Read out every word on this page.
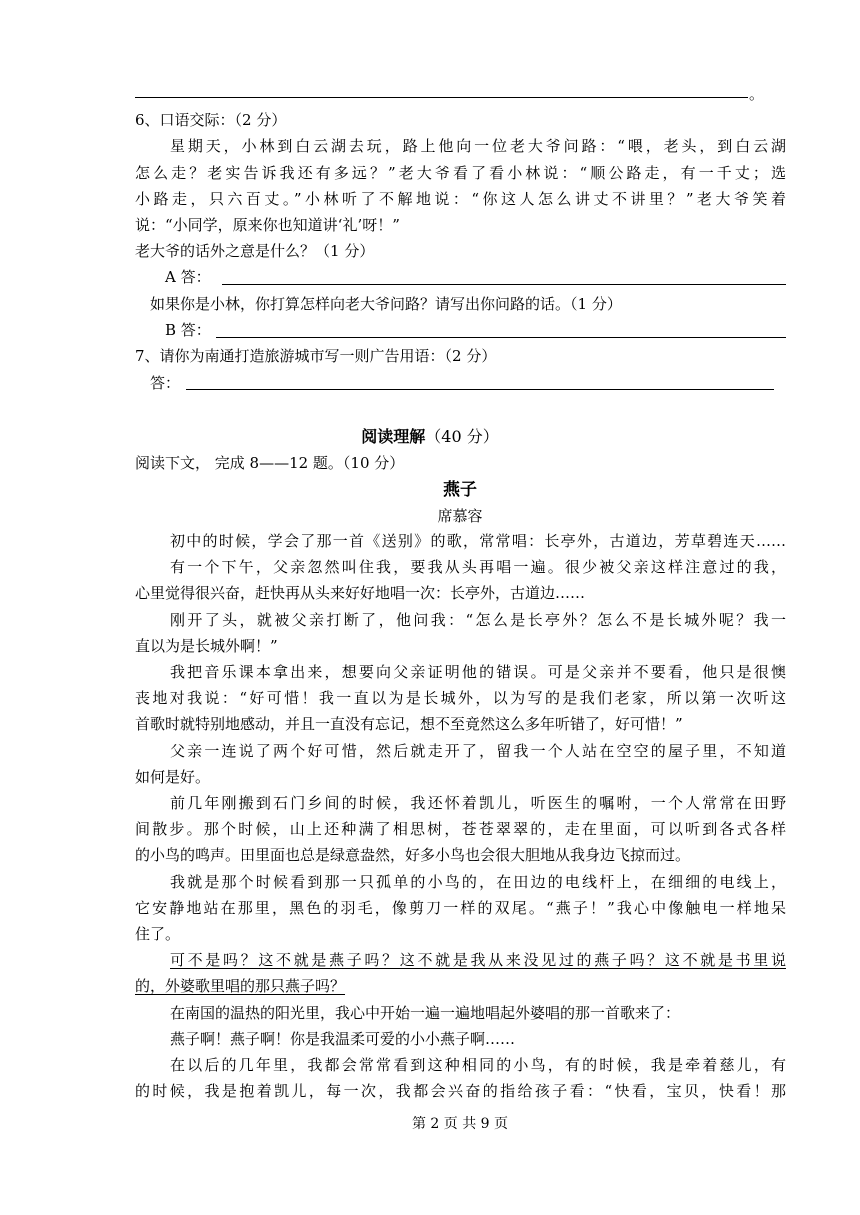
。
6、口语交际：（2 分）
星期天，小林到白云湖去玩，路上他向一位老大爷问路：“喂，老头，到白云湖
怎么走？老实告诉我还有多远？”老大爷看了看小林说：“顺公路走，有一千丈；选
小路走，只六百丈。”小林听了不解地说：“你这人怎么讲丈不讲里？”老大爷笑着
说：“小同学，原来你也知道讲‘礼’呀！”
老大爷的话外之意是什么？（1 分）
A 答：
如果你是小林，你打算怎样向老大爷问路？请写出你问路的话。（1 分）
B 答：
7、请你为南通打造旅游城市写一则广告用语：（2 分）
答：
阅读理解（40 分）
阅读下文， 完成 8——12 题。（10 分）
燕子
席慕容
初中的时候，学会了那一首《送别》的歌，常常唱：长亭外，古道边，芳草碧连天……
有一个下午，父亲忽然叫住我，要我从头再唱一遍。很少被父亲这样注意过的我，
心里觉得很兴奋，赶快再从头来好好地唱一次：长亭外，古道边……
刚开了头，就被父亲打断了，他问我：“怎么是长亭外？怎么不是长城外呢？我一
直以为是长城外啊！”
我把音乐课本拿出来，想要向父亲证明他的错误。可是父亲并不要看，他只是很懊
丧地对我说：“好可惜！我一直以为是长城外，以为写的是我们老家，所以第一次听这
首歌时就特别地感动，并且一直没有忘记，想不至竟然这么多年听错了，好可惜！”
父亲一连说了两个好可惜，然后就走开了，留我一个人站在空空的屋子里，不知道
如何是好。
前几年刚搬到石门乡间的时候，我还怀着凯儿，听医生的嘱咐，一个人常常在田野
间散步。那个时候，山上还种满了相思树，苍苍翠翠的，走在里面，可以听到各式各样
的小鸟的鸣声。田里面也总是绿意盎然，好多小鸟也会很大胆地从我身边飞掠而过。
我就是那个时候看到那一只孤单的小鸟的，在田边的电线杆上，在细细的电线上，
它安静地站在那里，黑色的羽毛，像剪刀一样的双尾。“燕子！”我心中像触电一样地呆
住了。
可不是吗？这不就是燕子吗？这不就是我从来没见过的燕子吗？这不就是书里说
的，外婆歌里唱的那只燕子吗？
在南国的温热的阳光里，我心中开始一遍一遍地唱起外婆唱的那一首歌来了：
燕子啊！燕子啊！你是我温柔可爱的小小燕子啊……
在以后的几年里，我都会常常看到这种相同的小鸟，有的时候，我是牵着慈儿，有
的时候，我是抱着凯儿，每一次，我都会兴奋的指给孩子看：“快看，宝贝，快看！那
第 2 页 共 9 页
